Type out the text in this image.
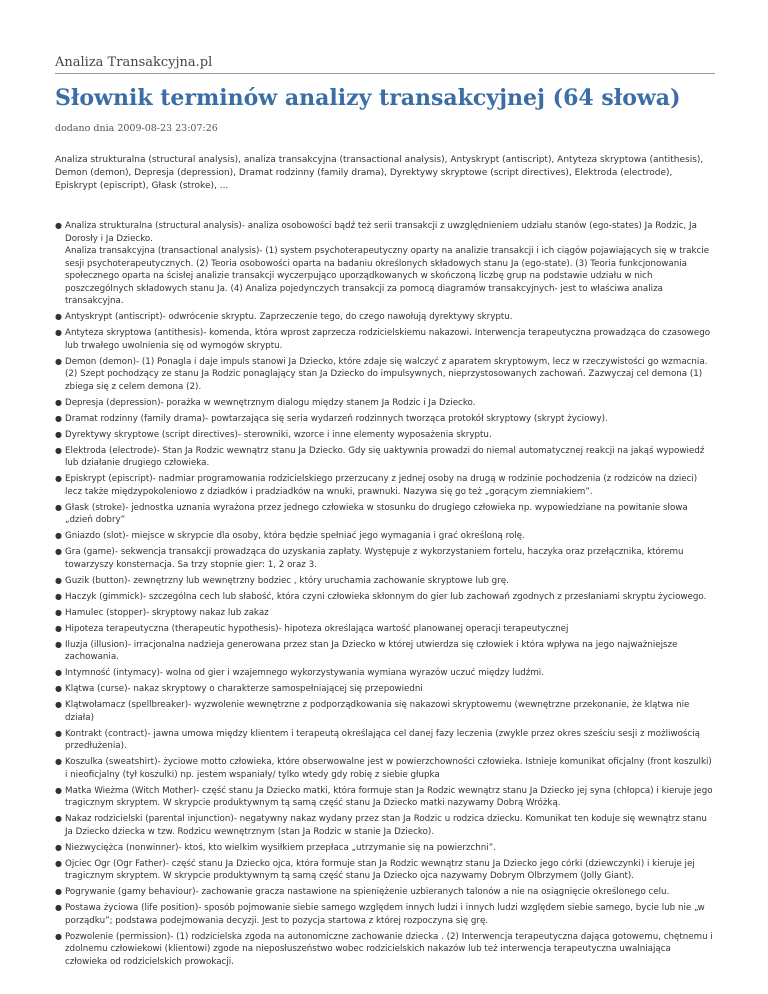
Analiza Transakcyjna.pl
Słownik terminów analizy transakcyjnej (64 słowa)
dodano dnia 2009-08-23 23:07:26

Analiza strukturalna (structural analysis), analiza transakcyjna (transactional analysis), Antyskrypt (antiscript), Antyteza skryptowa (antithesis), Demon (demon), Depresja (depression), Dramat rodzinny (family drama), Dyrektywy skryptowe (script directives), Elektroda (electrode), Episkrypt (episcript), Głask (stroke), ...

● Analiza strukturalna (structural analysis)- analiza osobowości bądź też serii transakcji z uwzględnieniem udziału stanów (ego-states) Ja Rodzic, Ja Dorosły i Ja Dziecko.
Analiza transakcyjna (transactional analysis)- (1) system psychoterapeutyczny oparty na analizie transakcji i ich ciągów pojawiających się w trakcie sesji psychoterapeutycznych. (2) Teoria osobowości oparta na badaniu określonych składowych stanu Ja (ego-state). (3) Teoria funkcjonowania społecznego oparta na ścisłej analizie transakcji wyczerpująco uporządkowanych w skończoną liczbę grup na podstawie udziału w nich poszczególnych składowych stanu Ja. (4) Analiza pojedynczych transakcji za pomocą diagramów transakcyjnych- jest to właściwa analiza transakcyjna.
● Antyskrypt (antiscript)- odwrócenie skryptu. Zaprzeczenie tego, do czego nawołują dyrektywy skryptu.
● Antyteza skryptowa (antithesis)- komenda, która wprost zaprzecza rodzicielskiemu nakazowi. Interwencja terapeutyczna prowadząca do czasowego lub trwałego uwolnienia się od wymogów skryptu.
● Demon (demon)- (1) Ponagla i daje impuls stanowi Ja Dziecko, które zdaje się walczyć z aparatem skryptowym, lecz w rzeczywistości go wzmacnia. (2) Szept pochodzący ze stanu Ja Rodzic ponaglający stan Ja Dziecko do impulsywnych, nieprzystosowanych zachowań. Zazwyczaj cel demona (1) zbiega się z celem demona (2).
● Depresja (depression)- porażka w wewnętrznym dialogu między stanem Ja Rodzic i Ja Dziecko.
● Dramat rodzinny (family drama)- powtarzająca się seria wydarzeń rodzinnych tworząca protokół skryptowy (skrypt życiowy).
● Dyrektywy skryptowe (script directives)- sterowniki, wzorce i inne elementy wyposażenia skryptu.
● Elektroda (electrode)- Stan Ja Rodzic wewnątrz stanu Ja Dziecko. Gdy się uaktywnia prowadzi do niemal automatycznej reakcji na jakąś wypowiedź lub działanie drugiego człowieka.
● Episkrypt (episcript)- nadmiar programowania rodzicielskiego przerzucany z jednej osoby na drugą w rodzinie pochodzenia (z rodziców na dzieci) lecz także międzypokoleniowo z dziadków i pradziadków na wnuki, prawnuki. Nazywa się go też „gorącym ziemniakiem”.
● Głask (stroke)- jednostka uznania wyrażona przez jednego człowieka w stosunku do drugiego człowieka np. wypowiedziane na powitanie słowa „dzień dobry”
● Gniazdo (slot)- miejsce w skrypcie dla osoby, która będzie spełniać jego wymagania i grać określoną rolę.
● Gra (game)- sekwencja transakcji prowadząca do uzyskania zapłaty. Występuje z wykorzystaniem fortelu, haczyka oraz przełącznika, któremu towarzyszy konsternacja. Sa trzy stopnie gier: 1, 2 oraz 3.
● Guzik (button)- zewnętrzny lub wewnętrzny bodziec , który uruchamia zachowanie skryptowe lub grę.
● Haczyk (gimmick)- szczególna cech lub słabość, która czyni człowieka skłonnym do gier lub zachowań zgodnych z przesłaniami skryptu życiowego.
● Hamulec (stopper)- skryptowy nakaz lub zakaz
● Hipoteza terapeutyczna (therapeutic hypothesis)- hipoteza określająca wartość planowanej operacji terapeutycznej
● Iluzja (illusion)- irracjonalna nadzieja generowana przez stan Ja Dziecko w której utwierdza się człowiek i która wpływa na jego najważniejsze zachowania.
● Intymność (intymacy)- wolna od gier i wzajemnego wykorzystywania wymiana wyrazów uczuć między ludźmi.
● Klątwa (curse)- nakaz skryptowy o charakterze samospełniającej się przepowiedni
● Klątwołamacz (spellbreaker)- wyzwolenie wewnętrzne z podporządkowania się nakazowi skryptowemu (wewnętrzne przekonanie, że klątwa nie działa)
● Kontrakt (contract)- jawna umowa między klientem i terapeutą określająca cel danej fazy leczenia (zwykle przez okres sześciu sesji z możliwością przedłużenia).
● Koszulka (sweatshirt)- życiowe motto człowieka, które obserwowalne jest w powierzchowności człowieka. Istnieje komunikat oficjalny (front koszulki) i nieoficjalny (tył koszulki) np. jestem wspaniały/ tylko wtedy gdy robię z siebie głupka
● Matka Wieżma (Witch Mother)- część stanu Ja Dziecko matki, która formuje stan Ja Rodzic wewnątrz stanu Ja Dziecko jej syna (chłopca) i kieruje jego tragicznym skryptem. W skrypcie produktywnym tą samą część stanu Ja Dziecko matki nazywamy Dobrą Wróżką.
● Nakaz rodzicielski (parental injunction)- negatywny nakaz wydany przez stan Ja Rodzic u rodzica dziecku. Komunikat ten koduje się wewnątrz stanu Ja Dziecko dziecka w tzw. Rodzicu wewnętrznym (stan Ja Rodzic w stanie Ja Dziecko).
● Niezwyciężca (nonwinner)- ktoś, kto wielkim wysiłkiem przepłaca „utrzymanie się na powierzchni”.
● Ojciec Ogr (Ogr Father)- część stanu Ja Dziecko ojca, która formuje stan Ja Rodzic wewnątrz stanu Ja Dziecko jego córki (dziewczynki) i kieruje jej tragicznym skryptem. W skrypcie produktywnym tą samą część stanu Ja Dziecko ojca nazywamy Dobrym Olbrzymem (Jolly Giant).
● Pogrywanie (gamy behaviour)- zachowanie gracza nastawione na spieniężenie uzbieranych talonów a nie na osiągnięcie określonego celu.
● Postawa życiowa (life position)- sposób pojmowanie siebie samego względem innych ludzi i innych ludzi względem siebie samego, bycie lub nie „w porządku”; podstawa podejmowania decyzji. Jest to pozycja startowa z której rozpoczyna się grę.
● Pozwolenie (permission)- (1) rodzicielska zgoda na autonomiczne zachowanie dziecka . (2) Interwencja terapeutyczna dająca gotowemu, chętnemu i zdolnemu człowiekowi (klientowi) zgode na nieposłuszeństwo wobec rodzicielskich nakazów lub też interwencja terapeutyczna uwalniająca człowieka od rodzicielskich prowokacji.
